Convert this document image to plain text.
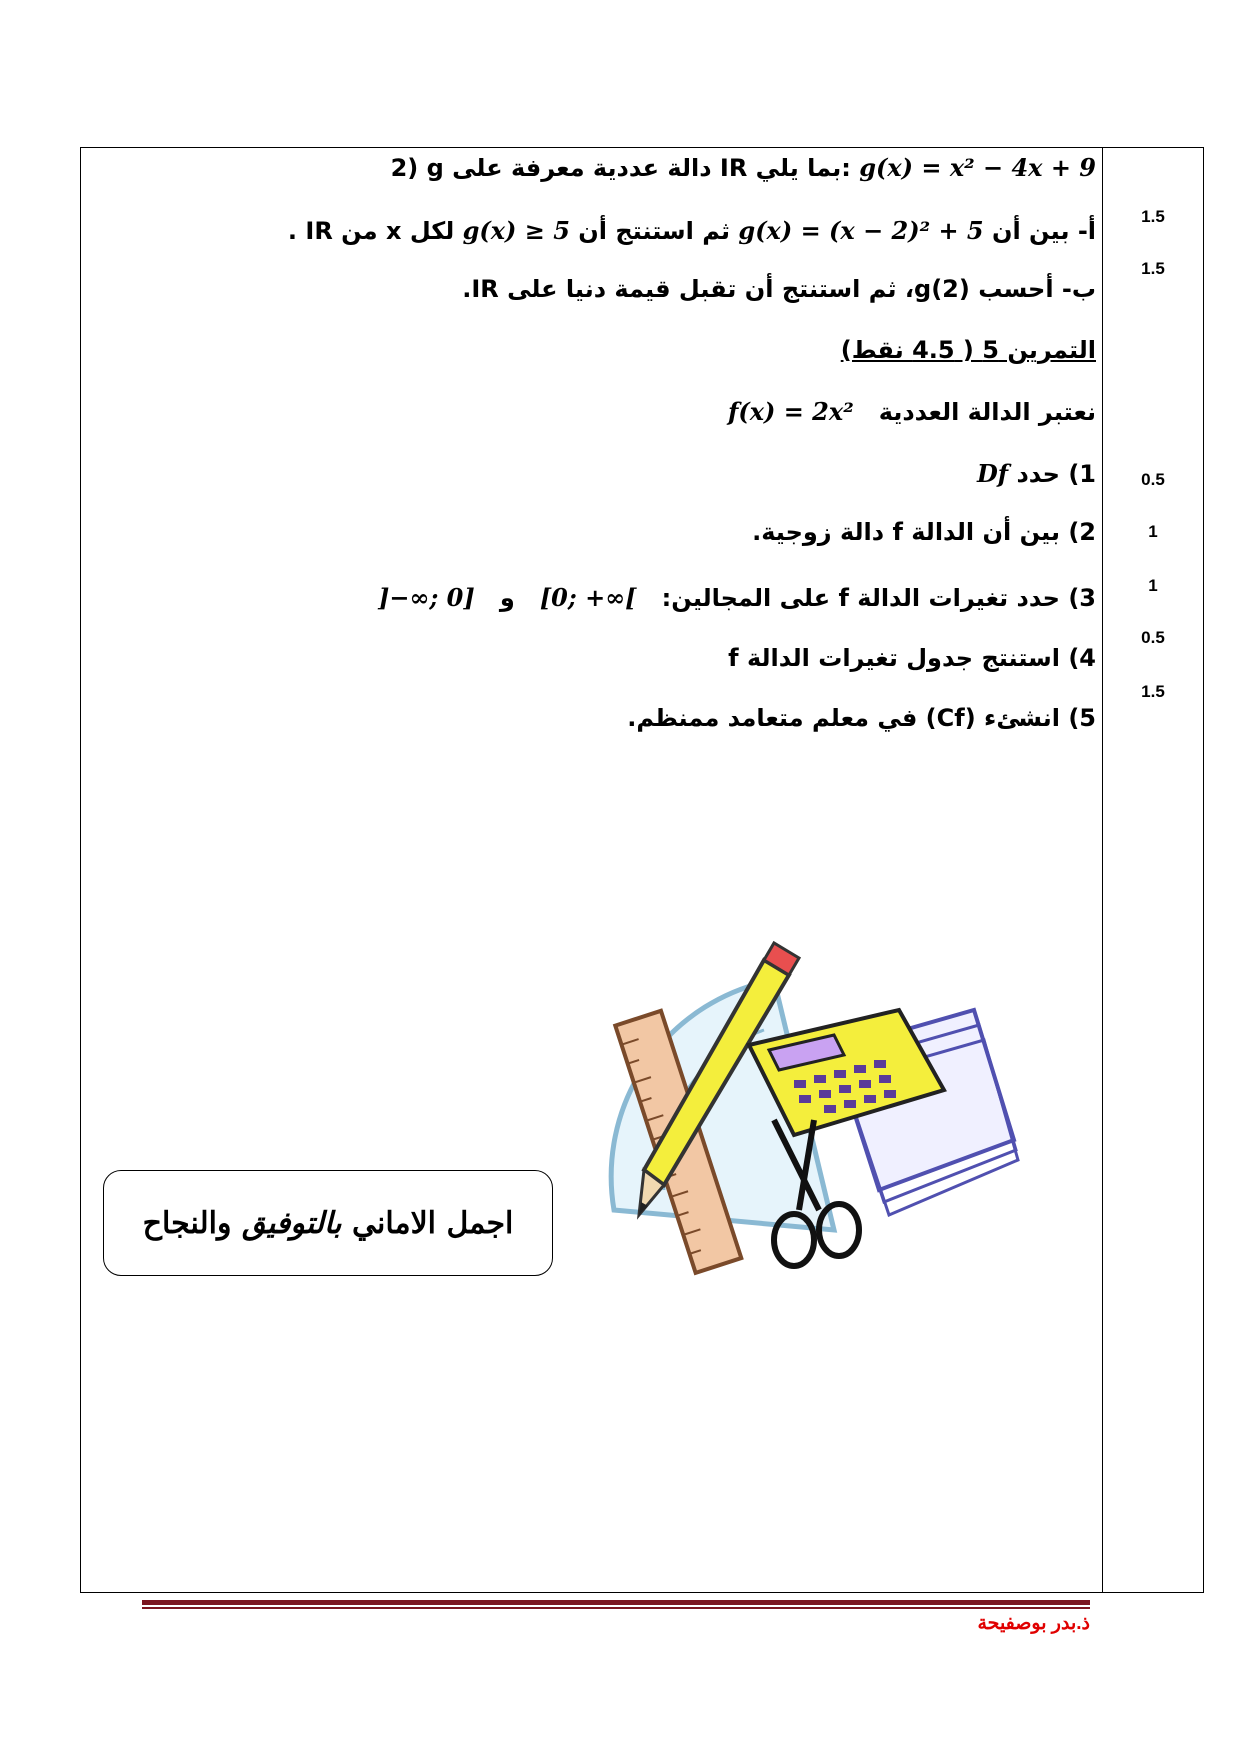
2) g دالة عددية معرفة على IR بما يلي: g(x) = x² − 4x + 9
أ- بين أن g(x) = (x − 2)² + 5 ثم استنتج أن g(x) ≥ 5 لكل x من IR .
ب- أحسب g(2)، ثم استنتج أن تقبل قيمة دنيا على IR.
التمرين 5 ( 4.5 نقط)
نعتبر الدالة العددية   f(x) = 2x²
1) حدد Df
2) بين أن الدالة f دالة زوجية.
3) حدد تغيرات الدالة f على المجالين:   [0; +∞[   و   ]−∞; 0]
4) استنتج جدول تغيرات الدالة f
5) انشئء (Cf) في معلم متعامد ممنظم.
1.5
1.5
0.5
1
1
0.5
1.5
اجمل الاماني بالتوفيق والنجاح
ذ.بدر بوصفيحة
